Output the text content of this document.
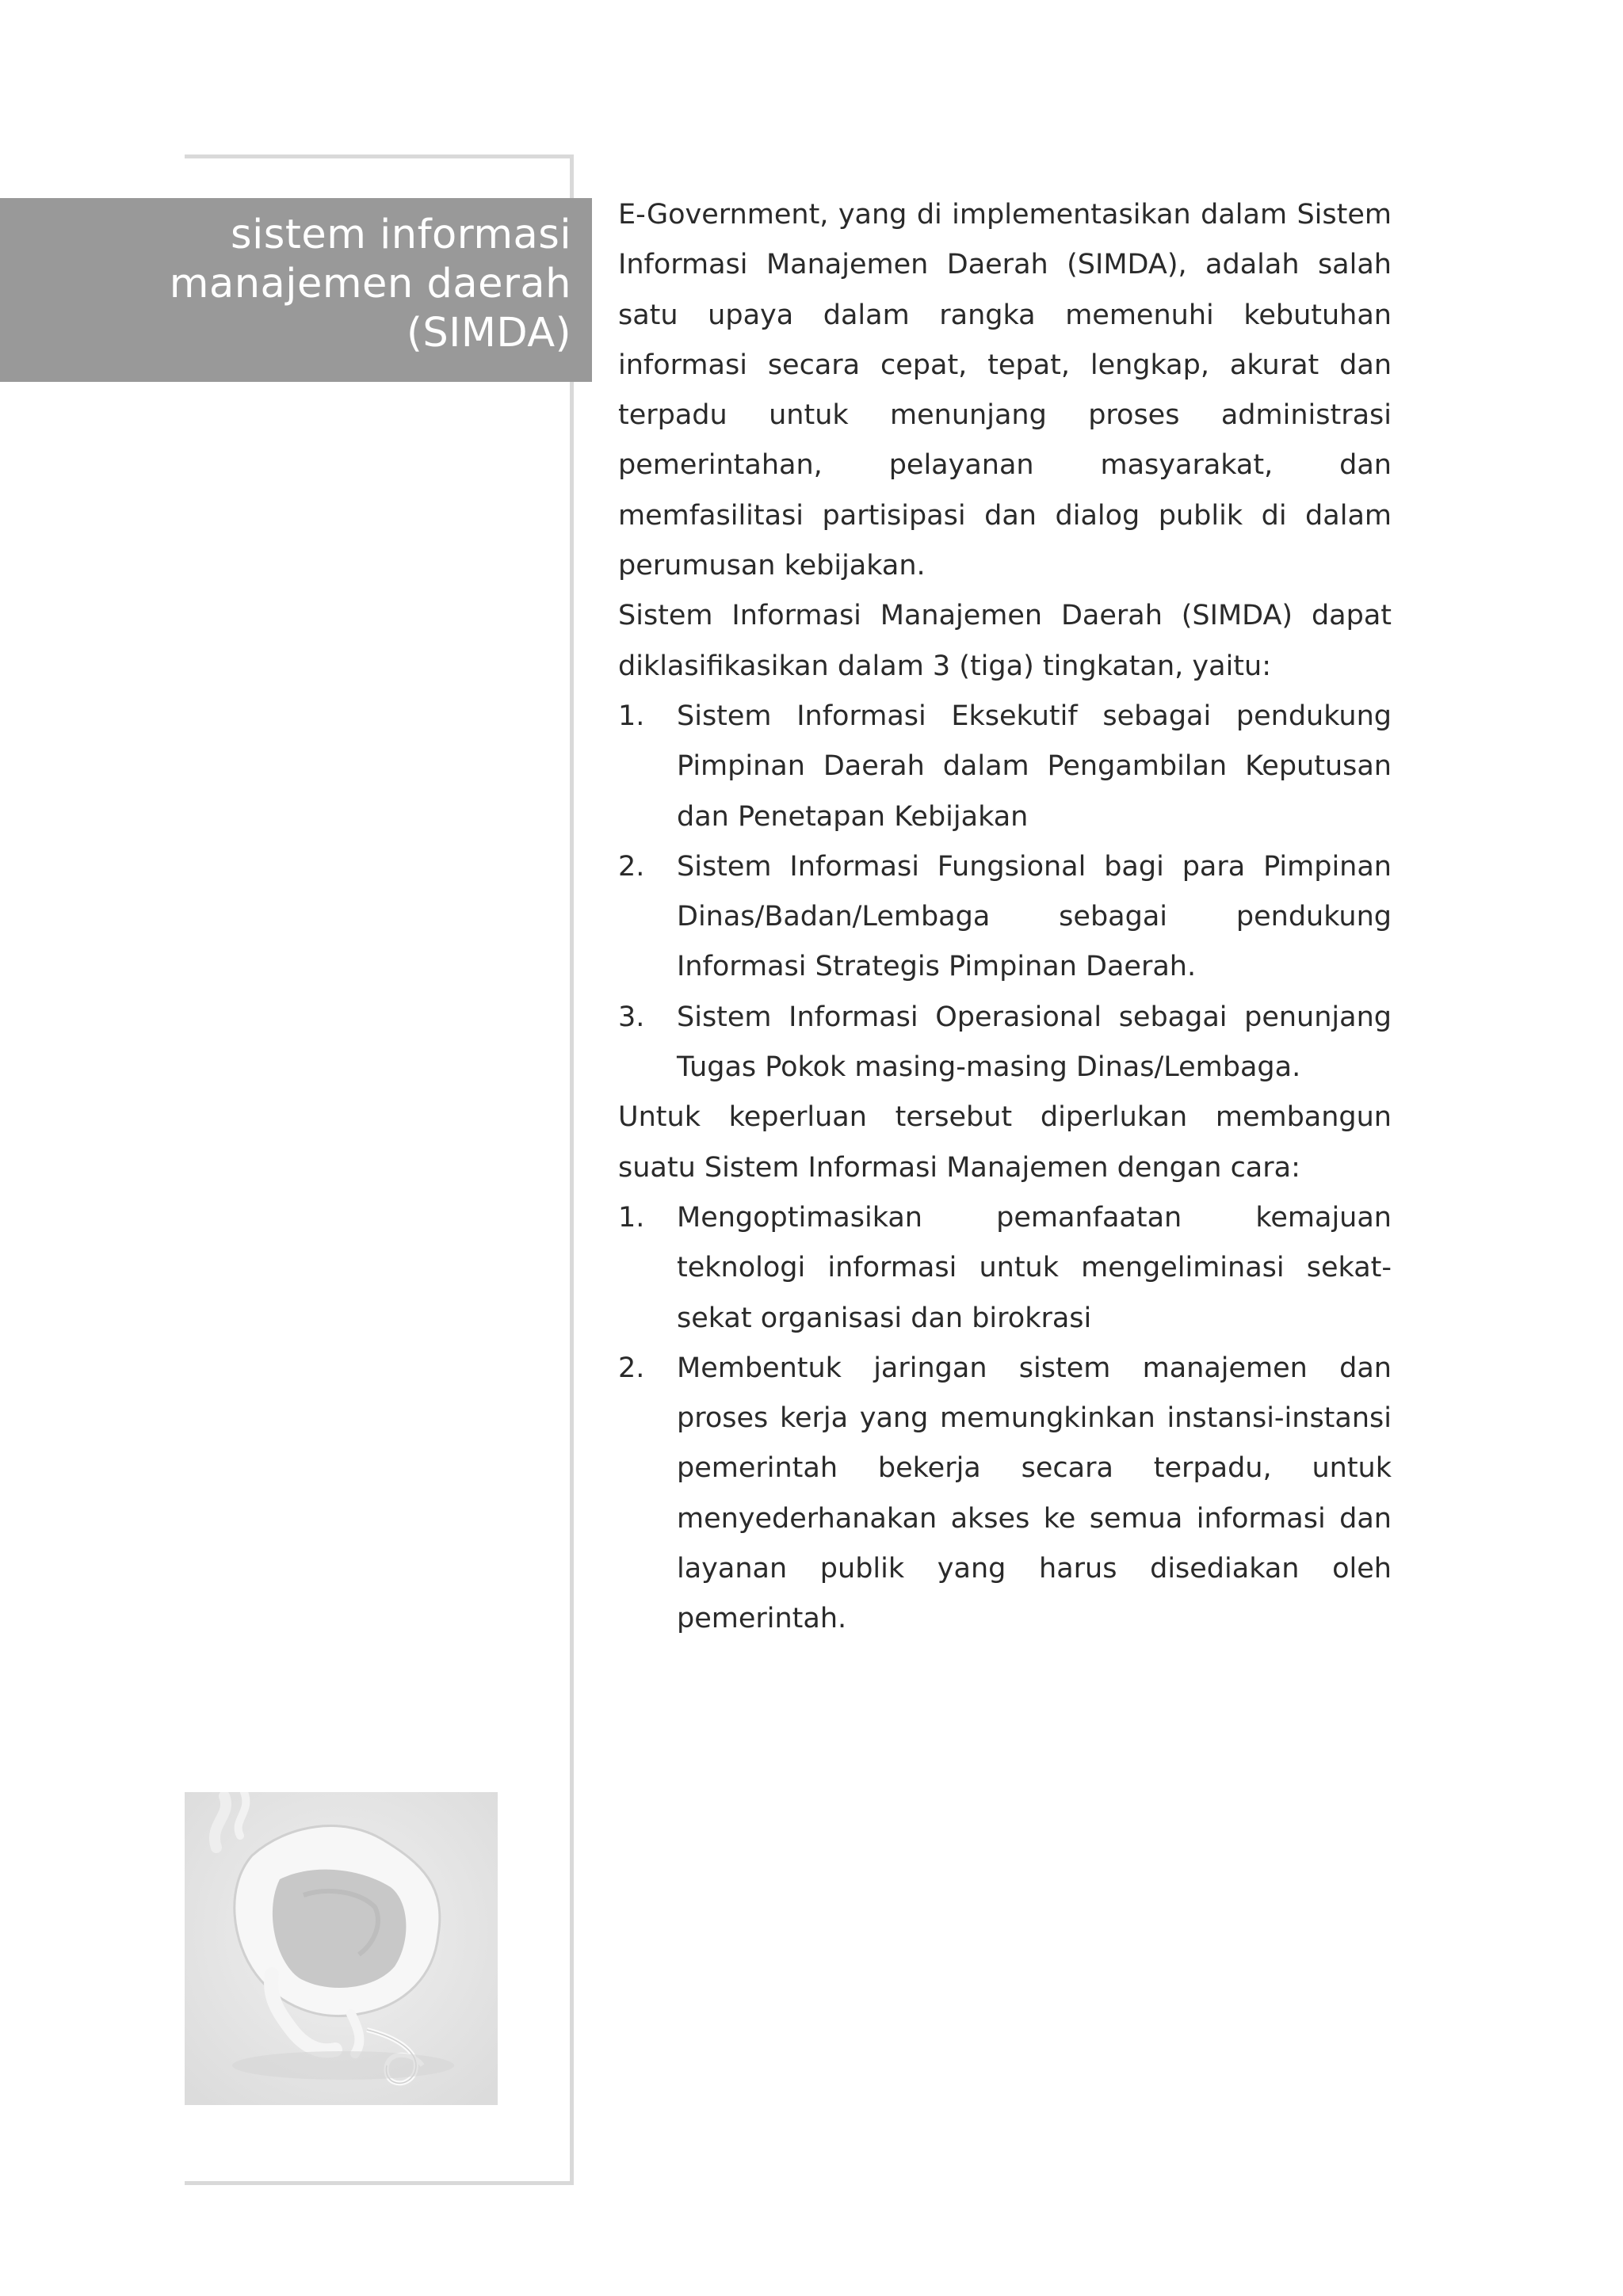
sistem informasi
manajemen daerah
(SIMDA)

E-Government, yang di implementasikan dalam Sistem Informasi Manajemen Daerah (SIMDA), adalah salah satu upaya dalam rangka memenuhi kebutuhan informasi secara cepat, tepat, lengkap, akurat dan terpadu untuk menunjang proses administrasi pemerintahan, pelayanan masyarakat, dan memfasilitasi partisipasi dan dialog publik di dalam perumusan kebijakan.

Sistem Informasi Manajemen Daerah (SIMDA) dapat diklasifikasikan dalam 3 (tiga) tingkatan, yaitu:

1. Sistem Informasi Eksekutif sebagai pendukung Pimpinan Daerah dalam Pengambilan Keputusan dan Penetapan Kebijakan
2. Sistem Informasi Fungsional bagi para Pimpinan Dinas/Badan/Lembaga sebagai pendukung Informasi Strategis Pimpinan Daerah.
3. Sistem Informasi Operasional sebagai penunjang Tugas Pokok masing-masing Dinas/Lembaga.

Untuk keperluan tersebut diperlukan membangun suatu Sistem Informasi Manajemen dengan cara:

1. Mengoptimasikan pemanfaatan kemajuan teknologi informasi untuk mengeliminasi sekat-sekat organisasi dan birokrasi
2. Membentuk jaringan sistem manajemen dan proses kerja yang memungkinkan instansi-instansi pemerintah bekerja secara terpadu, untuk menyederhanakan akses ke semua informasi dan layanan publik yang harus disediakan oleh pemerintah.
